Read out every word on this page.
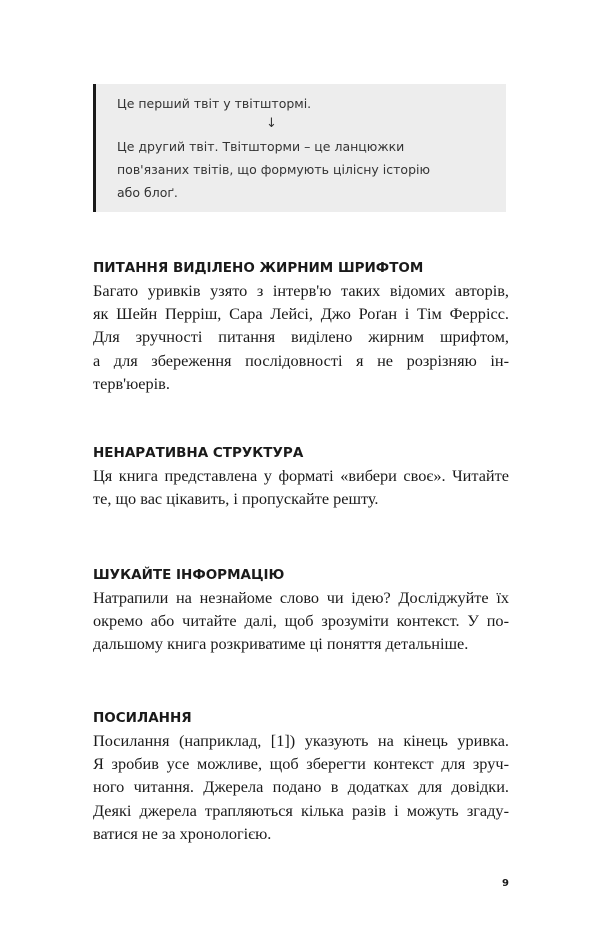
Це перший твіт у твітштормі.
↓
Це другий твіт. Твітшторми – це ланцюжки
пов'язаних твітів, що формують цілісну історію
або блоґ.
ПИТАННЯ ВИДІЛЕНО ЖИРНИМ ШРИФТОМ
Багато уривків узято з інтерв'ю таких відомих авторів,
як Шейн Перріш, Сара Лейсі, Джо Роґан і Тім Ферріcс.
Для зручності питання виділено жирним шрифтом,
а для збереження послідовності я не розрізняю ін-
терв'юерів.
НЕНАРАТИВНА СТРУКТУРА
Ця книга представлена у форматі «вибери своє». Читайте
те, що вас цікавить, і пропускайте решту.
ШУКАЙТЕ ІНФОРМАЦІЮ
Натрапили на незнайоме слово чи ідею? Досліджуйте їх
окремо або читайте далі, щоб зрозуміти контекст. У по-
дальшому книга розкриватиме ці поняття детальніше.
ПОСИЛАННЯ
Посилання (наприклад, [1]) указують на кінець уривка.
Я зробив усе можливе, щоб зберегти контекст для зруч-
ного читання. Джерела подано в додатках для довідки.
Деякі джерела трапляються кілька разів і можуть згаду-
ватися не за хронологією.
9
